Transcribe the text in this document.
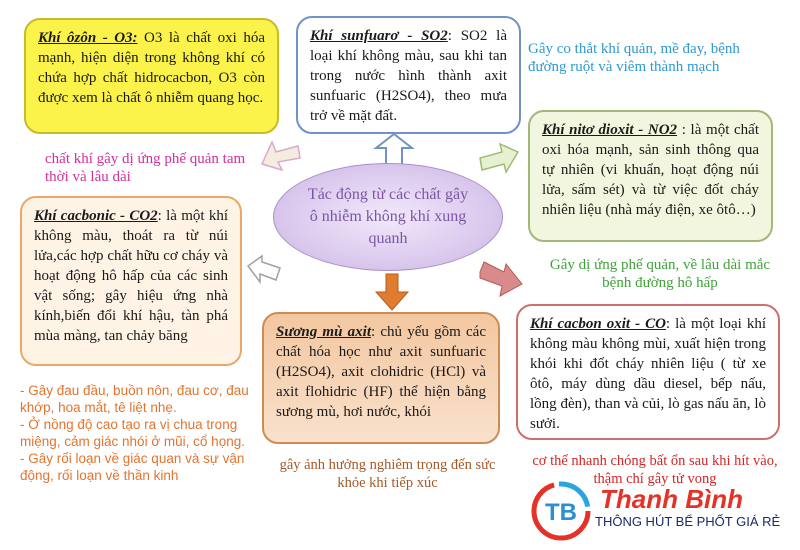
Tác động từ các chất gây ô nhiễm không khí xung quanh
Khí ôzôn - O3: O3 là chất oxi hóa mạnh, hiện diện trong không khí có chứa hợp chất hidrocacbon, O3 còn được xem là chất ô nhiễm quang học.
Khí sunfuarơ - SO2: SO2 là loại khí không màu, sau khi tan trong nước hình thành axit sunfuaric (H2SO4), theo mưa trở về mặt đất.
Khí nitơ dioxit - NO2 : là một chất oxi hóa mạnh, sản sinh thông qua tự nhiên (vi khuẩn, hoạt động núi lửa, sấm sét) và từ việc đốt cháy nhiên liệu (nhà máy điện, xe ôtô…)
Khí cacbonic - CO2: là một khí không màu, thoát ra từ núi lửa,các hợp chất hữu cơ cháy và hoạt động hô hấp của các sinh vật sống; gây hiệu ứng nhà kính,biến đổi khí hậu, tàn phá mùa màng, tan chảy băng	Sương mù axit: chủ yếu gồm các chất hóa học như axit sunfuaric (H2SO4), axit clohidric (HCl) và axit flohidric (HF) thể hiện bằng sương mù, hơi nước, khói
Khí cacbon oxit - CO: là một loại khí không màu không mùi, xuất hiện trong khói khi đốt cháy nhiên liệu ( từ xe ôtô, máy dùng dầu diesel, bếp nấu, lồng đèn), than và củi, lò gas nấu ăn, lò sưởi.
chất khí gây dị ứng phế quản tam thời và lâu dài
Gây co thắt khí quản, mề đay, bệnh đường ruột và viêm thành mạch
Gây dị ứng phế quản, về lâu dài mắc bệnh đường hô hấp
- Gây đau đầu, buồn nôn, đau cơ, đau khớp, hoa mắt, tê liệt nhẹ.
- Ở nồng độ cao tạo ra vị chua trong miệng, cảm giác nhói ở mũi, cổ họng.
- Gây rối loạn về giác quan và sự vận động, rối loạn về thần kinh
gây ảnh hưởng nghiêm trọng đến sức khỏe khi tiếp xúc
cơ thể nhanh chóng bất ổn sau khi hít vào, thậm chí gây tử vong
TB Thanh Bình
THÔNG HÚT BỂ PHỐT GIÁ RẺ
